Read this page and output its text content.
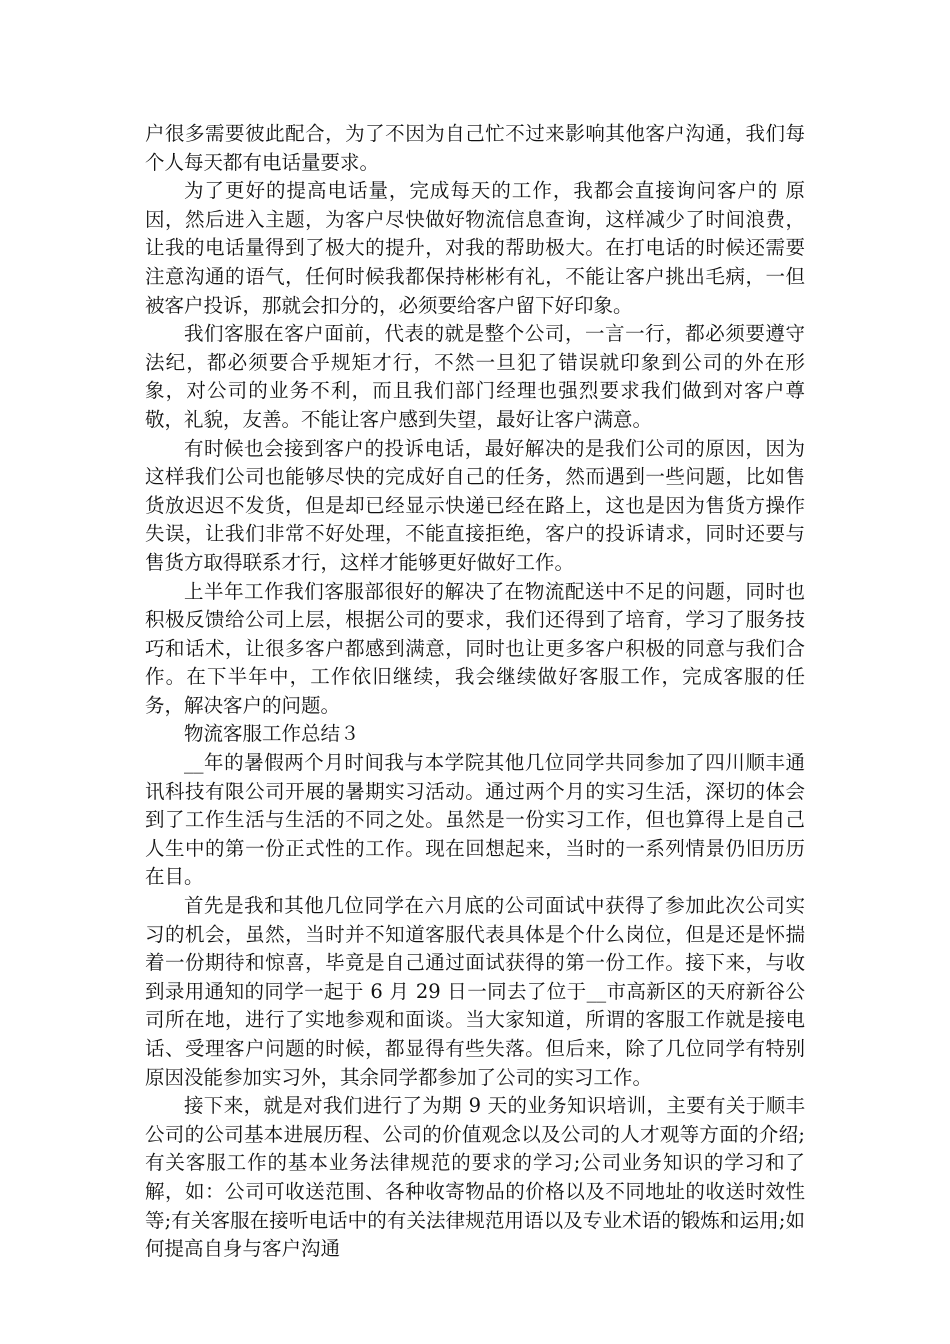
户很多需要彼此配合，为了不因为自己忙不过来影响其他客户沟通，我们每个人每天都有电话量要求。

为了更好的提高电话量，完成每天的工作，我都会直接询问客户的 原因，然后进入主题，为客户尽快做好物流信息查询，这样减少了时间浪费，让我的电话量得到了极大的提升，对我的帮助极大。在打电话的时候还需要注意沟通的语气，任何时候我都保持彬彬有礼，不能让客户挑出毛病，一但被客户投诉，那就会扣分的，必须要给客户留下好印象。

我们客服在客户面前，代表的就是整个公司，一言一行，都必须要遵守法纪，都必须要合乎规矩才行，不然一旦犯了错误就印象到公司的外在形象，对公司的业务不利，而且我们部门经理也强烈要求我们做到对客户尊敬，礼貌，友善。不能让客户感到失望，最好让客户满意。

有时候也会接到客户的投诉电话，最好解决的是我们公司的原因，因为这样我们公司也能够尽快的完成好自己的任务，然而遇到一些问题，比如售货放迟迟不发货，但是却已经显示快递已经在路上，这也是因为售货方操作失误，让我们非常不好处理，不能直接拒绝，客户的投诉请求，同时还要与售货方取得联系才行，这样才能够更好做好工作。

上半年工作我们客服部很好的解决了在物流配送中不足的问题，同时也积极反馈给公司上层，根据公司的要求，我们还得到了培育，学习了服务技巧和话术，让很多客户都感到满意，同时也让更多客户积极的同意与我们合作。在下半年中，工作依旧继续，我会继续做好客服工作，完成客服的任务，解决客户的问题。

物流客服工作总结３

__年的暑假两个月时间我与本学院其他几位同学共同参加了四川顺丰通讯科技有限公司开展的暑期实习活动。通过两个月的实习生活，深切的体会到了工作生活与生活的不同之处。虽然是一份实习工作，但也算得上是自己人生中的第一份正式性的工作。现在回想起来，当时的一系列情景仍旧历历在目。

首先是我和其他几位同学在六月底的公司面试中获得了参加此次公司实习的机会，虽然，当时并不知道客服代表具体是个什么岗位，但是还是怀揣着一份期待和惊喜，毕竟是自己通过面试获得的第一份工作。接下来，与收到录用通知的同学一起于 6 月 29 日一同去了位于__市高新区的天府新谷公司所在地，进行了实地参观和面谈。当大家知道，所谓的客服工作就是接电话、受理客户问题的时候，都显得有些失落。但后来，除了几位同学有特别原因没能参加实习外，其余同学都参加了公司的实习工作。

接下来，就是对我们进行了为期 9 天的业务知识培训，主要有关于顺丰公司的公司基本进展历程、公司的价值观念以及公司的人才观等方面的介绍;有关客服工作的基本业务法律规范的要求的学习;公司业务知识的学习和了解，如：公司可收送范围、各种收寄物品的价格以及不同地址的收送时效性等;有关客服在接听电话中的有关法律规范用语以及专业术语的锻炼和运用;如何提高自身与客户沟通
